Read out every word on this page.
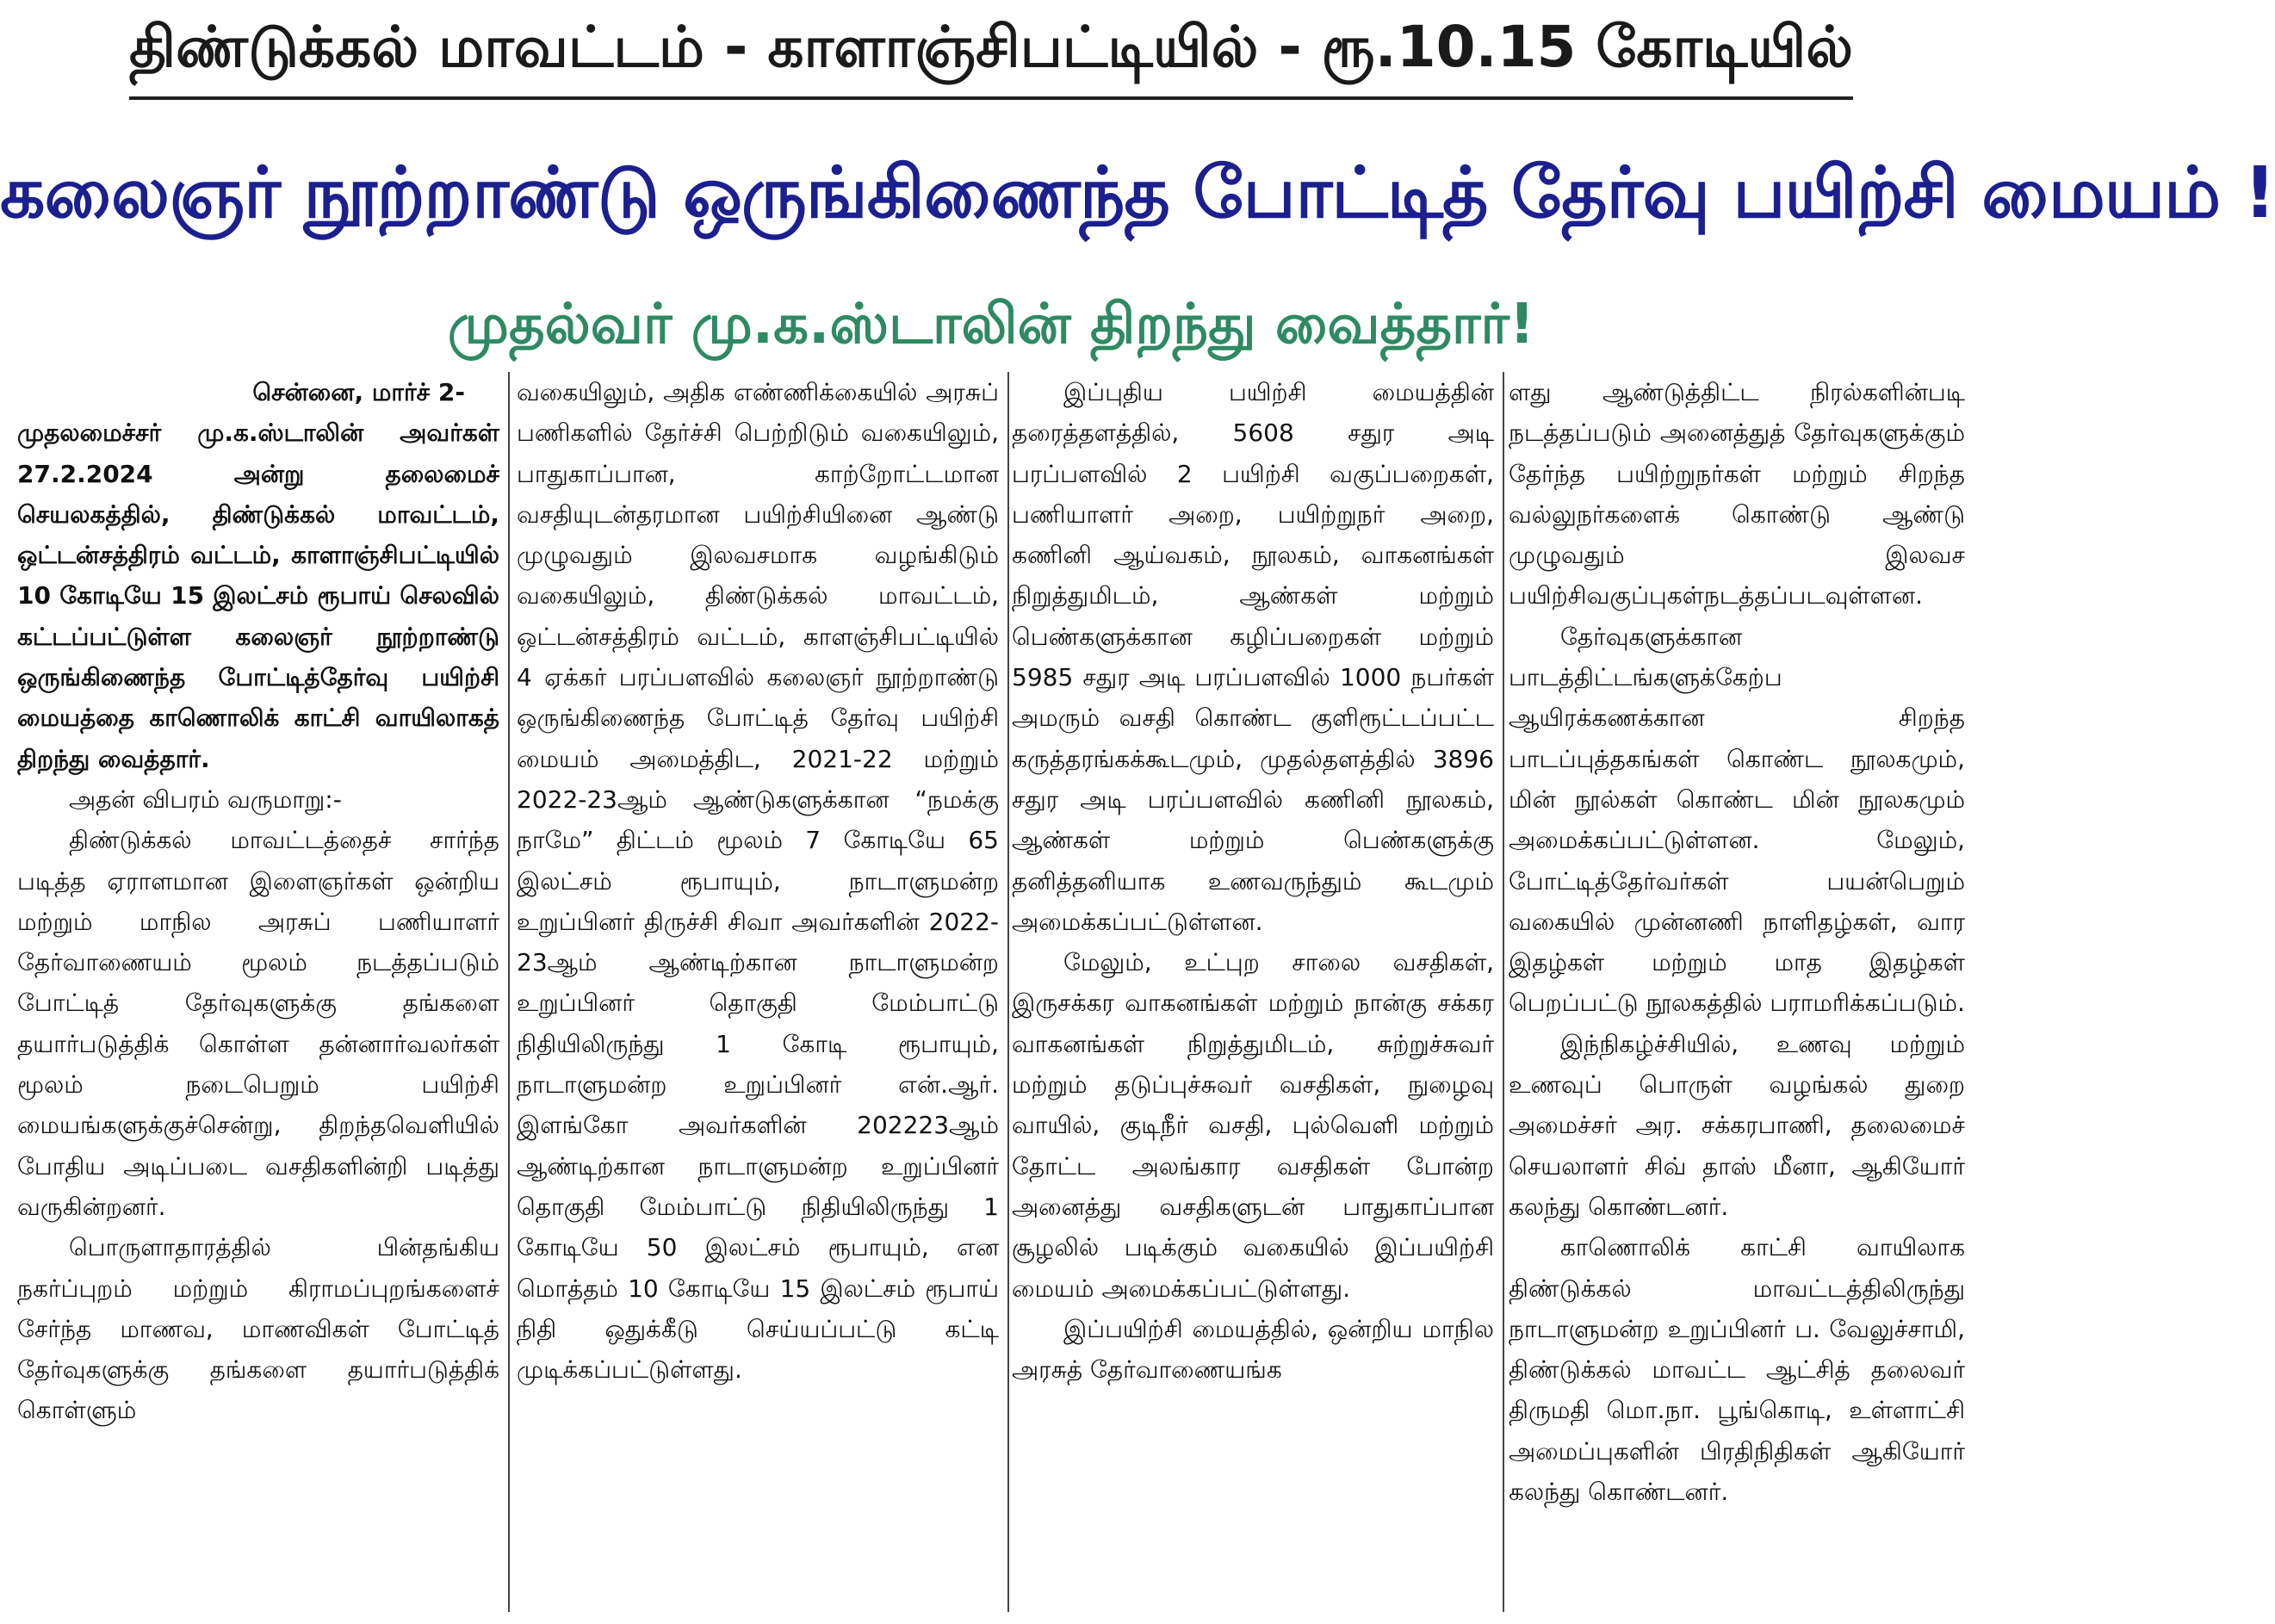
திண்டுக்கல் மாவட்டம் - காளாஞ்சிபட்டியில் - ரூ.10.15 கோடியில்
கலைஞர் நூற்றாண்டு ஒருங்கிணைந்த போட்டித் தேர்வு பயிற்சி மையம் !
முதல்வர் மு.க.ஸ்டாலின் திறந்து வைத்தார்!

சென்னை, மார்ச் 2-

முதலமைச்சர் மு.க.ஸ்டாலின் அவர்கள் 27.2.2024 அன்று தலைமைச் செயலகத்தில், திண்டுக்கல் மாவட்டம், ஒட்டன்சத்திரம் வட்டம், காளாஞ்சிபட்டியில் 10 கோடியே 15 இலட்சம் ரூபாய் செலவில் கட்டப்பட்டுள்ள கலைஞர் நூற்றாண்டு ஒருங்கிணைந்த போட்டித்தேர்வு பயிற்சி மையத்தை காணொலிக் காட்சி வாயிலாகத் திறந்து வைத்தார்.

அதன் விபரம் வருமாறு:-

திண்டுக்கல் மாவட்டத்தைச் சார்ந்த படித்த ஏராளமான இளைஞர்கள் ஒன்றிய மற்றும் மாநில அரசுப் பணியாளர் தேர்வாணையம் மூலம் நடத்தப்படும் போட்டித் தேர்வுகளுக்கு தங்களை தயார்படுத்திக் கொள்ள தன்னார்வலர்கள் மூலம் நடைபெறும் பயிற்சி மையங்களுக்குச்சென்று, திறந்தவெளியில் போதிய அடிப்படை வசதிகளின்றி படித்து வருகின்றனர்.

பொருளாதாரத்தில் பின்தங்கிய நகர்ப்புறம் மற்றும் கிராமப்புறங்களைச் சேர்ந்த மாணவ, மாணவிகள் போட்டித் தேர்வுகளுக்கு தங்களை தயார்படுத்திக் கொள்ளும்

வகையிலும், அதிக எண்ணிக்கையில் அரசுப் பணிகளில் தேர்ச்சி பெற்றிடும் வகையிலும், பாதுகாப்பான, காற்றோட்டமான வசதியுடன்தரமான பயிற்சியினை ஆண்டு முழுவதும் இலவசமாக வழங்கிடும் வகையிலும், திண்டுக்கல் மாவட்டம், ஒட்டன்சத்திரம் வட்டம், காளஞ்சிபட்டியில் 4 ஏக்கர் பரப்பளவில் கலைஞர் நூற்றாண்டு ஒருங்கிணைந்த போட்டித் தேர்வு பயிற்சி மையம் அமைத்திட, 2021-22 மற்றும் 2022-23ஆம் ஆண்டுகளுக்கான “நமக்கு நாமே” திட்டம் மூலம் 7 கோடியே 65 இலட்சம் ரூபாயும், நாடாளுமன்ற உறுப்பினர் திருச்சி சிவா அவர்களின் 2022-23ஆம் ஆண்டிற்கான நாடாளுமன்ற உறுப்பினர் தொகுதி மேம்பாட்டு நிதியிலிருந்து 1 கோடி ரூபாயும், நாடாளுமன்ற உறுப்பினர் என்.ஆர். இளங்கோ அவர்களின் 202223ஆம் ஆண்டிற்கான நாடாளுமன்ற உறுப்பினர் தொகுதி மேம்பாட்டு நிதியிலிருந்து 1 கோடியே 50 இலட்சம் ரூபாயும், என மொத்தம் 10 கோடியே 15 இலட்சம் ரூபாய் நிதி ஒதுக்கீடு செய்யப்பட்டு கட்டி முடிக்கப்பட்டுள்ளது.

இப்புதிய பயிற்சி மையத்தின் தரைத்தளத்தில், 5608 சதுர அடி பரப்பளவில் 2 பயிற்சி வகுப்பறைகள், பணியாளர் அறை, பயிற்றுநர் அறை, கணினி ஆய்வகம், நூலகம், வாகனங்கள் நிறுத்துமிடம், ஆண்கள் மற்றும் பெண்களுக்கான கழிப்பறைகள் மற்றும் 5985 சதுர அடி பரப்பளவில் 1000 நபர்கள் அமரும் வசதி கொண்ட குளிரூட்டப்பட்ட கருத்தரங்கக்கூடமும், முதல்தளத்தில் 3896 சதுர அடி பரப்பளவில் கணினி நூலகம், ஆண்கள் மற்றும் பெண்களுக்கு தனித்தனியாக உணவருந்தும் கூடமும் அமைக்கப்பட்டுள்ளன.

மேலும், உட்புற சாலை வசதிகள், இருசக்கர வாகனங்கள் மற்றும் நான்கு சக்கர வாகனங்கள் நிறுத்துமிடம், சுற்றுச்சுவர் மற்றும் தடுப்புச்சுவர் வசதிகள், நுழைவு வாயில், குடிநீர் வசதி, புல்வெளி மற்றும் தோட்ட அலங்கார வசதிகள் போன்ற அனைத்து வசதிகளுடன் பாதுகாப்பான சூழலில் படிக்கும் வகையில் இப்பயிற்சி மையம் அமைக்கப்பட்டுள்ளது.

இப்பயிற்சி மையத்தில், ஒன்றிய மாநில அரசுத் தேர்வாணையங்க

ளது ஆண்டுத்திட்ட நிரல்களின்படி நடத்தப்படும் அனைத்துத் தேர்வுகளுக்கும் தேர்ந்த பயிற்றுநர்கள் மற்றும் சிறந்த வல்லுநர்களைக் கொண்டு ஆண்டு முழுவதும் இலவச பயிற்சிவகுப்புகள்நடத்தப்படவுள்ளன.

தேர்வுகளுக்கான பாடத்திட்டங்களுக்கேற்ப ஆயிரக்கணக்கான சிறந்த பாடப்புத்தகங்கள் கொண்ட நூலகமும், மின் நூல்கள் கொண்ட மின் நூலகமும் அமைக்கப்பட்டுள்ளன. மேலும், போட்டித்தேர்வர்கள் பயன்பெறும் வகையில் முன்னணி நாளிதழ்கள், வார இதழ்கள் மற்றும் மாத இதழ்கள் பெறப்பட்டு நூலகத்தில் பராமரிக்கப்படும்.

இந்நிகழ்ச்சியில், உணவு மற்றும் உணவுப் பொருள் வழங்கல் துறை அமைச்சர் அர. சக்கரபாணி, தலைமைச் செயலாளர் சிவ் தாஸ் மீனா, ஆகியோர் கலந்து கொண்டனர்.

காணொலிக் காட்சி வாயிலாக திண்டுக்கல் மாவட்டத்திலிருந்து நாடாளுமன்ற உறுப்பினர் ப. வேலுச்சாமி, திண்டுக்கல் மாவட்ட ஆட்சித் தலைவர் திருமதி மொ.நா. பூங்கொடி, உள்ளாட்சி அமைப்புகளின் பிரதிநிதிகள் ஆகியோர் கலந்து கொண்டனர்.
